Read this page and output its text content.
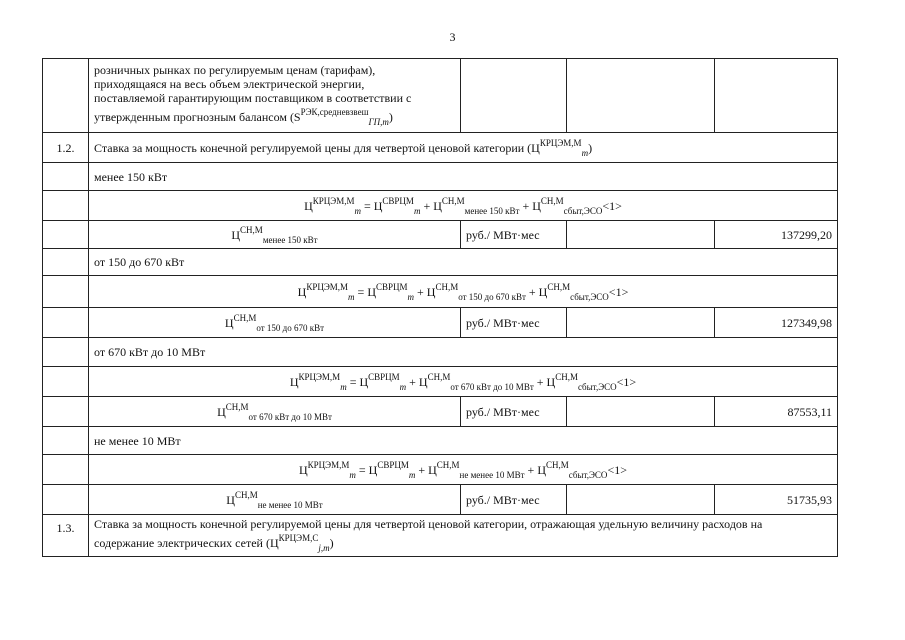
3

	розничных рынках по регулируемым ценам (тарифам),
приходящаяся на весь объем электрической энергии,
поставляемой гарантирующим поставщиком в соответствии с
утвержденным прогнозным балансом $(S^{РЭК,средневзвеш}_{ГП,m})$			

1.2.	Ставка за мощность конечной регулируемой цены для четвертой ценовой категории $(Ц^{КРЦЭМ,М}_m)$			
	менее 150 кВт			
	$Ц^{КРЦЭМ,М}_m = Ц^{СВРЦМ}_m + Ц^{СН,М}_{менее 150 кВт} + Ц^{СН,М}_{сбыт,ЭСО}<1>$			
	$Ц^{СН,М}_{менее 150 кВт}$	руб./ МВт·мес		137299,20
	от 150 до 670 кВт			
	$Ц^{КРЦЭМ,М}_m = Ц^{СВРЦМ}_m + Ц^{СН,М}_{от 150 до 670 кВт} + Ц^{СН,М}_{сбыт,ЭСО}<1>$			
	$Ц^{СН,М}_{от 150 до 670 кВт}$	руб./ МВт·мес		127349,98
	от 670 кВт до 10 МВт			
	$Ц^{КРЦЭМ,М}_m = Ц^{СВРЦМ}_m + Ц^{СН,М}_{от 670 кВт до 10 МВт} + Ц^{СН,М}_{сбыт,ЭСО}<1>$			
	$Ц^{СН,М}_{от 670 кВт до 10 МВт}$	руб./ МВт·мес		87553,11
	не менее 10 МВт			
	$Ц^{КРЦЭМ,М}_m = Ц^{СВРЦМ}_m + Ц^{СН,М}_{не менее 10 МВт} + Ц^{СН,М}_{сбыт,ЭСО}<1>$			
	$Ц^{СН,М}_{не менее 10 МВт}$	руб./ МВт·мес		51735,93
1.3.	Ставка за мощность конечной регулируемой цены для четвертой ценовой категории, отражающая удельную величину расходов на
содержание электрических сетей $(Ц^{КРЦЭМ,С}_{j,m})$			
